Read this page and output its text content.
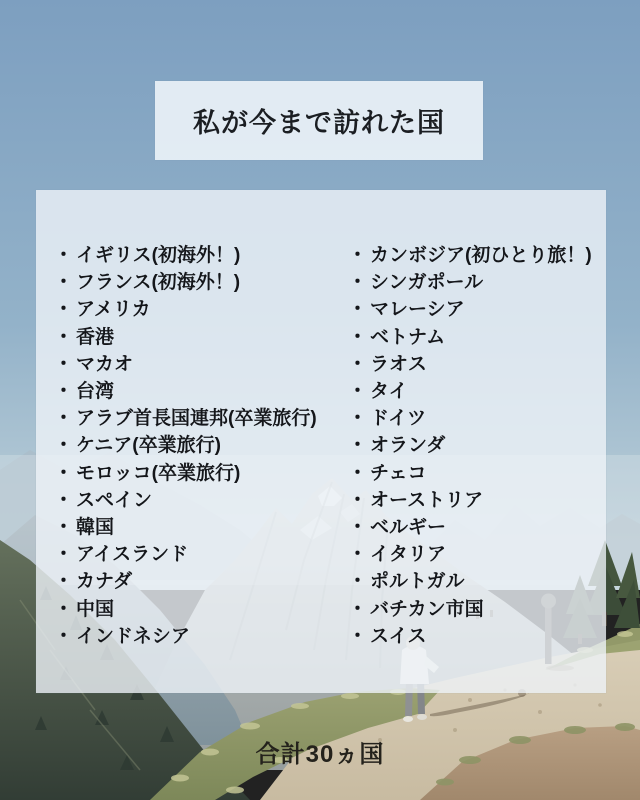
私が今まで訪れた国
・ イギリス(初海外！)
・ フランス(初海外！)
・ アメリカ
・ 香港
・ マカオ
・ 台湾
・ アラブ首長国連邦(卒業旅行)
・ ケニア(卒業旅行)
・ モロッコ(卒業旅行)
・ スペイン
・ 韓国
・ アイスランド
・ カナダ
・ 中国
・ インドネシア
・ カンボジア(初ひとり旅！)
・ シンガポール
・ マレーシア
・ ベトナム
・ ラオス
・ タイ
・ ドイツ
・ オランダ
・ チェコ
・ オーストリア
・ ベルギー
・ イタリア
・ ポルトガル
・ バチカン市国
・ スイス
合計30ヵ国
